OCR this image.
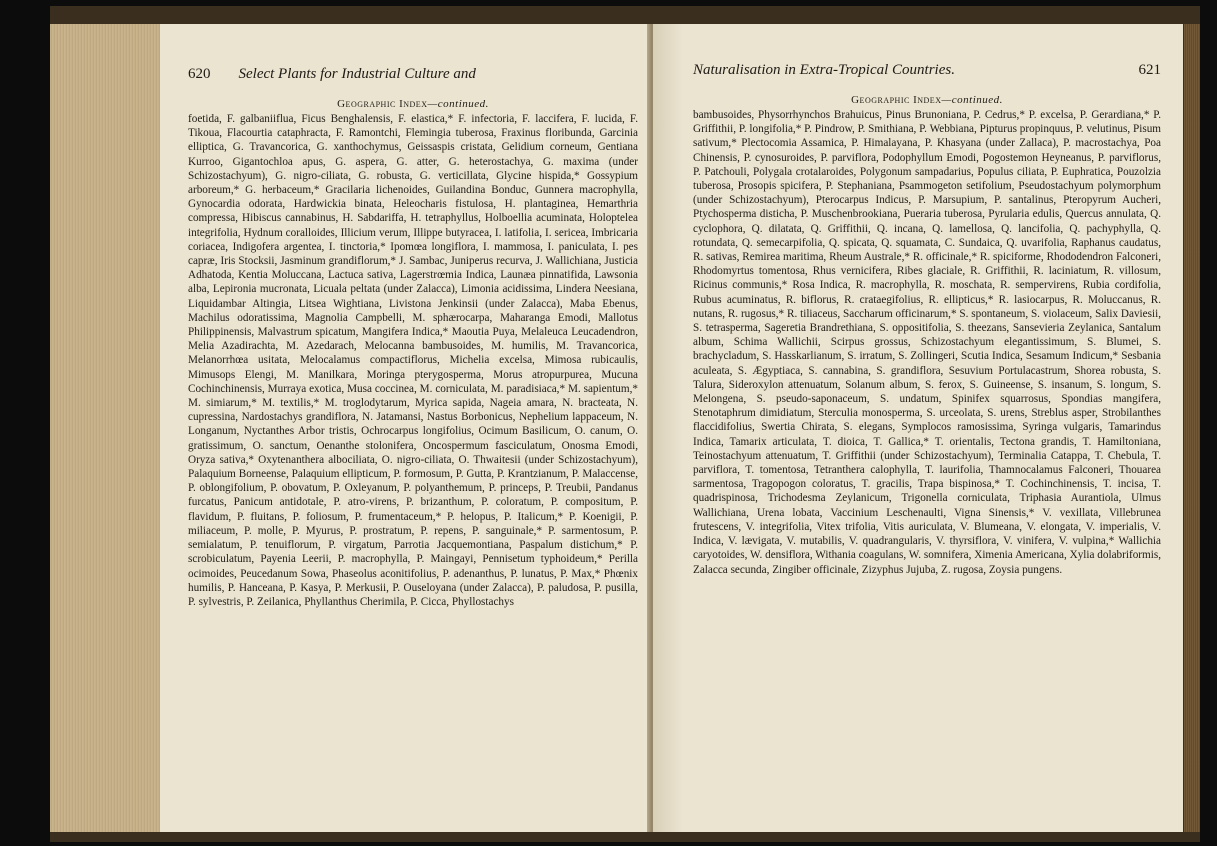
620 Select Plants for Industrial Culture and
Geographic Index—continued.

foetida, F. galbaniiflua, Ficus Benghalensis, F. elastica,* F. infectoria, F. laccifera, F. lucida, F. Tikoua, Flacourtia cataphracta, F. Ramontchi, Flemingia tuberosa, Fraxinus floribunda, Garcinia elliptica, G. Travancorica, G. xanthochymus, Geissaspis cristata, Gelidium corneum, Gentiana Kurroo, Gigantochloa apus, G. aspera, G. atter, G. heterostachya, G. maxima (under Schizostachyum), G. nigro-ciliata, G. robusta, G. verticillata, Glycine hispida,* Gossypium arboreum,* G. herbaceum,* Gracilaria lichenoides, Guilandina Bonduc, Gunnera macrophylla, Gynocardia odorata, Hardwickia binata, Heleocharis fistulosa, H. plantaginea, Hemarthria compressa, Hibiscus cannabinus, H. Sabdariffa, H. tetraphyllus, Holboellia acuminata, Holoptelea integrifolia, Hydnum coralloides, Illicium verum, Illippe butyracea, I. latifolia, I. sericea, Imbricaria coriacea, Indigofera argentea, I. tinctoria,* Ipomœa longiflora, I. mammosa, I. paniculata, I. pes capræ, Iris Stocksii, Jasminum grandiflorum,* J. Sambac, Juniperus recurva, J. Wallichiana, Justicia Adhatoda, Kentia Moluccana, Lactuca sativa, Lagerstrœmia Indica, Launæa pinnatifida, Lawsonia alba, Lepironia mucronata, Licuala peltata (under Zalacca), Limonia acidissima, Lindera Neesiana, Liquidambar Altingia, Litsea Wightiana, Livistona Jenkinsii (under Zalacca), Maba Ebenus, Machilus odoratissima, Magnolia Campbelli, M. sphærocarpa, Maharanga Emodi, Mallotus Philippinensis, Malvastrum spicatum, Mangifera Indica,* Maoutia Puya, Melaleuca Leucadendron, Melia Azadirachta, M. Azedarach, Melocanna bambusoides, M. humilis, M. Travancorica, Melanorrhœa usitata, Melocalamus compactiflorus, Michelia excelsa, Mimosa rubicaulis, Mimusops Elengi, M. Manilkara, Moringa pterygosperma, Morus atropurpurea, Mucuna Cochinchinensis, Murraya exotica, Musa coccinea, M. corniculata, M. paradisiaca,* M. sapientum,* M. simiarum,* M. textilis,* M. troglodytarum, Myrica sapida, Nageia amara, N. bracteata, N. cupressina, Nardostachys grandiflora, N. Jatamansi, Nastus Borbonicus, Nephelium lappaceum, N. Longanum, Nyctanthes Arbor tristis, Ochrocarpus longifolius, Ocimum Basilicum, O. canum, O. gratissimum, O. sanctum, Oenanthe stolonifera, Oncospermum fasciculatum, Onosma Emodi, Oryza sativa,* Oxytenanthera albociliata, O. nigro-ciliata, O. Thwaitesii (under Schizostachyum), Palaquium Borneense, Palaquium ellipticum, P. formosum, P. Gutta, P. Krantzianum, P. Malaccense, P. oblongifolium, P. obovatum, P. Oxleyanum, P. polyanthemum, P. princeps, P. Treubii, Pandanus furcatus, Panicum antidotale, P. atro-virens, P. brizanthum, P. coloratum, P. compositum, P. flavidum, P. fluitans, P. foliosum, P. frumentaceum,* P. helopus, P. Italicum,* P. Koenigii, P. miliaceum, P. molle, P. Myurus, P. prostratum, P. repens, P. sanguinale,* P. sarmentosum, P. semialatum, P. tenuiflorum, P. virgatum, Parrotia Jacquemontiana, Paspalum distichum,* P. scrobiculatum, Payenia Leerii, P. macrophylla, P. Maingayi, Pennisetum typhoideum,* Perilla ocimoides, Peucedanum Sowa, Phaseolus aconitifolius, P. adenanthus, P. lunatus, P. Max,* Phœnix humilis, P. Hanceana, P. Kasya, P. Merkusii, P. Ouseloyana (under Zalacca), P. paludosa, P. pusilla, P. sylvestris, P. Zeilanica, Phyllanthus Cherimila, P. Cicca, Phyllostachys

Naturalisation in Extra-Tropical Countries.	621
Geographic Index—continued.

bambusoides, Physorrhynchos Brahuicus, Pinus Brunoniana, P. Cedrus,* P. excelsa, P. Gerardiana,* P. Griffithii, P. longifolia,* P. Pindrow, P. Smithiana, P. Webbiana, Pipturus propinquus, P. velutinus, Pisum sativum,* Plectocomia Assamica, P. Himalayana, P. Khasyana (under Zallaca), P. macrostachya, Poa Chinensis, P. cynosuroides, P. parviflora, Podophyllum Emodi, Pogostemon Heyneanus, P. parviflorus, P. Patchouli, Polygala crotalaroides, Polygonum sampadarius, Populus ciliata, P. Euphratica, Pouzolzia tuberosa, Prosopis spicifera, P. Stephaniana, Psammogeton setifolium, Pseudostachyum polymorphum (under Schizostachyum), Pterocarpus Indicus, P. Marsupium, P. santalinus, Pteropyrum Aucheri, Ptychosperma disticha, P. Muschenbrookiana, Pueraria tuberosa, Pyrularia edulis, Quercus annulata, Q. cyclophora, Q. dilatata, Q. Griffithii, Q. incana, Q. lamellosa, Q. lancifolia, Q. pachyphylla, Q. rotundata, Q. semecarpifolia, Q. spicata, Q. squamata, C. Sundaica, Q. uvarifolia, Raphanus caudatus, R. sativas, Remirea maritima, Rheum Australe,* R. officinale,* R. spiciforme, Rhododendron Falconeri, Rhodomyrtus tomentosa, Rhus vernicifera, Ribes glaciale, R. Griffithii, R. laciniatum, R. villosum, Ricinus communis,* Rosa Indica, R. macrophylla, R. moschata, R. sempervirens, Rubia cordifolia, Rubus acuminatus, R. biflorus, R. crataegifolius, R. ellipticus,* R. lasiocarpus, R. Moluccanus, R. nutans, R. rugosus,* R. tiliaceus, Saccharum officinarum,* S. spontaneum, S. violaceum, Salix Daviesii, S. tetrasperma, Sageretia Brandrethiana, S. oppositifolia, S. theezans, Sansevieria Zeylanica, Santalum album, Schima Wallichii, Scirpus grossus, Schizostachyum elegantissimum, S. Blumei, S. brachycladum, S. Hasskarlianum, S. irratum, S. Zollingeri, Scutia Indica, Sesamum Indicum,* Sesbania aculeata, S. Ægyptiaca, S. cannabina, S. grandiflora, Sesuvium Portulacastrum, Shorea robusta, S. Talura, Sideroxylon attenuatum, Solanum album, S. ferox, S. Guineense, S. insanum, S. longum, S. Melongena, S. pseudo-saponaceum, S. undatum, Spinifex squarrosus, Spondias mangifera, Stenotaphrum dimidiatum, Sterculia monosperma, S. urceolata, S. urens, Streblus asper, Strobilanthes flaccidifolius, Swertia Chirata, S. elegans, Symplocos ramosissima, Syringa vulgaris, Tamarindus Indica, Tamarix articulata, T. dioica, T. Gallica,* T. orientalis, Tectona grandis, T. Hamiltoniana, Teinostachyum attenuatum, T. Griffithii (under Schizostachyum), Terminalia Catappa, T. Chebula, T. parviflora, T. tomentosa, Tetranthera calophylla, T. laurifolia, Thamnocalamus Falconeri, Thouarea sarmentosa, Tragopogon coloratus, T. gracilis, Trapa bispinosa,* T. Cochinchinensis, T. incisa, T. quadrispinosa, Trichodesma Zeylanicum, Trigonella corniculata, Triphasia Aurantiola, Ulmus Wallichiana, Urena lobata, Vaccinium Leschenaulti, Vigna Sinensis,* V. vexillata, Villebrunea frutescens, V. integrifolia, Vitex trifolia, Vitis auriculata, V. Blumeana, V. elongata, V. imperialis, V. Indica, V. lævigata, V. mutabilis, V. quadrangularis, V. thyrsiflora, V. vinifera, V. vulpina,* Wallichia caryotoides, W. densiflora, Withania coagulans, W. somnifera, Ximenia Americana, Xylia dolabriformis, Zalacca secunda, Zingiber officinale, Zizyphus Jujuba, Z. rugosa, Zoysia pungens.
